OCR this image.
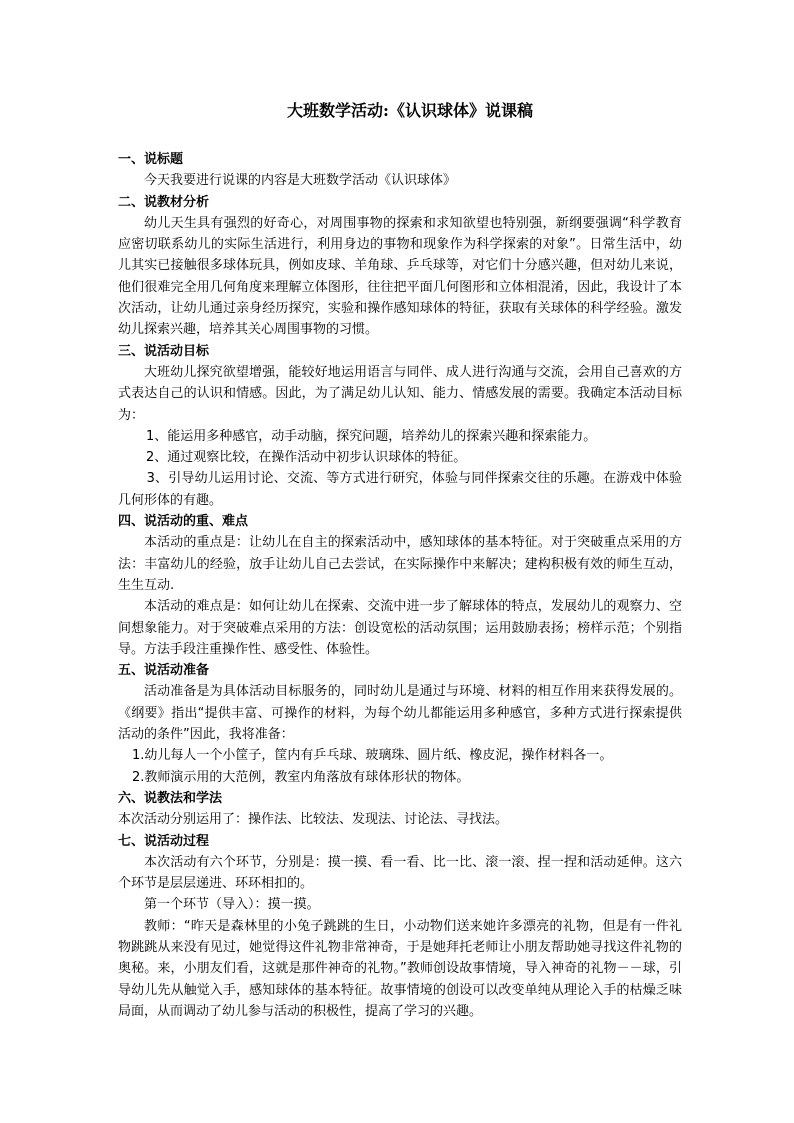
大班数学活动:《认识球体》说课稿
一、说标题
今天我要进行说课的内容是大班数学活动《认识球体》
二、说教材分析
幼儿天生具有强烈的好奇心，对周围事物的探索和求知欲望也特别强，新纲要强调“科学教育应密切联系幼儿的实际生活进行，利用身边的事物和现象作为科学探索的对象”。日常生活中，幼儿其实已接触很多球体玩具，例如皮球、羊角球、乒乓球等，对它们十分感兴趣，但对幼儿来说，他们很难完全用几何角度来理解立体图形，往往把平面几何图形和立体相混淆，因此，我设计了本次活动，让幼儿通过亲身经历探究，实验和操作感知球体的特征，获取有关球体的科学经验。激发幼儿探索兴趣，培养其关心周围事物的习惯。
三、说活动目标
大班幼儿探究欲望增强，能较好地运用语言与同伴、成人进行沟通与交流，会用自己喜欢的方式表达自己的认识和情感。因此，为了满足幼儿认知、能力、情感发展的需要。我确定本活动目标为：
1、能运用多种感官，动手动脑，探究问题，培养幼儿的探索兴趣和探索能力。
2、通过观察比较，在操作活动中初步认识球体的特征。
3、引导幼儿运用讨论、交流、等方式进行研究，体验与同伴探索交往的乐趣。在游戏中体验几何形体的有趣。
四、说活动的重、难点
本活动的重点是：让幼儿在自主的探索活动中，感知球体的基本特征。对于突破重点采用的方法：丰富幼儿的经验，放手让幼儿自己去尝试，在实际操作中来解决；建构积极有效的师生互动，生生互动.
本活动的难点是：如何让幼儿在探索、交流中进一步了解球体的特点，发展幼儿的观察力、空间想象能力。对于突破难点采用的方法：创设宽松的活动氛围；运用鼓励表扬；榜样示范；个别指导。方法手段注重操作性、感受性、体验性。
五、说活动准备
活动准备是为具体活动目标服务的，同时幼儿是通过与环境、材料的相互作用来获得发展的。《纲要》指出“提供丰富、可操作的材料，为每个幼儿都能运用多种感官，多种方式进行探索提供活动的条件”因此，我将准备：
1.幼儿每人一个小筐子，筐内有乒乓球、玻璃珠、圆片纸、橡皮泥，操作材料各一。
2.教师演示用的大范例，教室内角落放有球体形状的物体。
六、说教法和学法
本次活动分别运用了：操作法、比较法、发现法、讨论法、寻找法。
七、说活动过程
本次活动有六个环节，分别是：摸一摸、看一看、比一比、滚一滚、捏一捏和活动延伸。这六个环节是层层递进、环环相扣的。
第一个环节（导入）：摸一摸。
教师：“昨天是森林里的小兔子跳跳的生日，小动物们送来她许多漂亮的礼物，但是有一件礼物跳跳从来没有见过，她觉得这件礼物非常神奇，于是她拜托老师让小朋友帮助她寻找这件礼物的奥秘。来，小朋友们看，这就是那件神奇的礼物。”教师创设故事情境，导入神奇的礼物－－球，引导幼儿先从触觉入手，感知球体的基本特征。故事情境的创设可以改变单纯从理论入手的枯燥乏味局面，从而调动了幼儿参与活动的积极性，提高了学习的兴趣。
